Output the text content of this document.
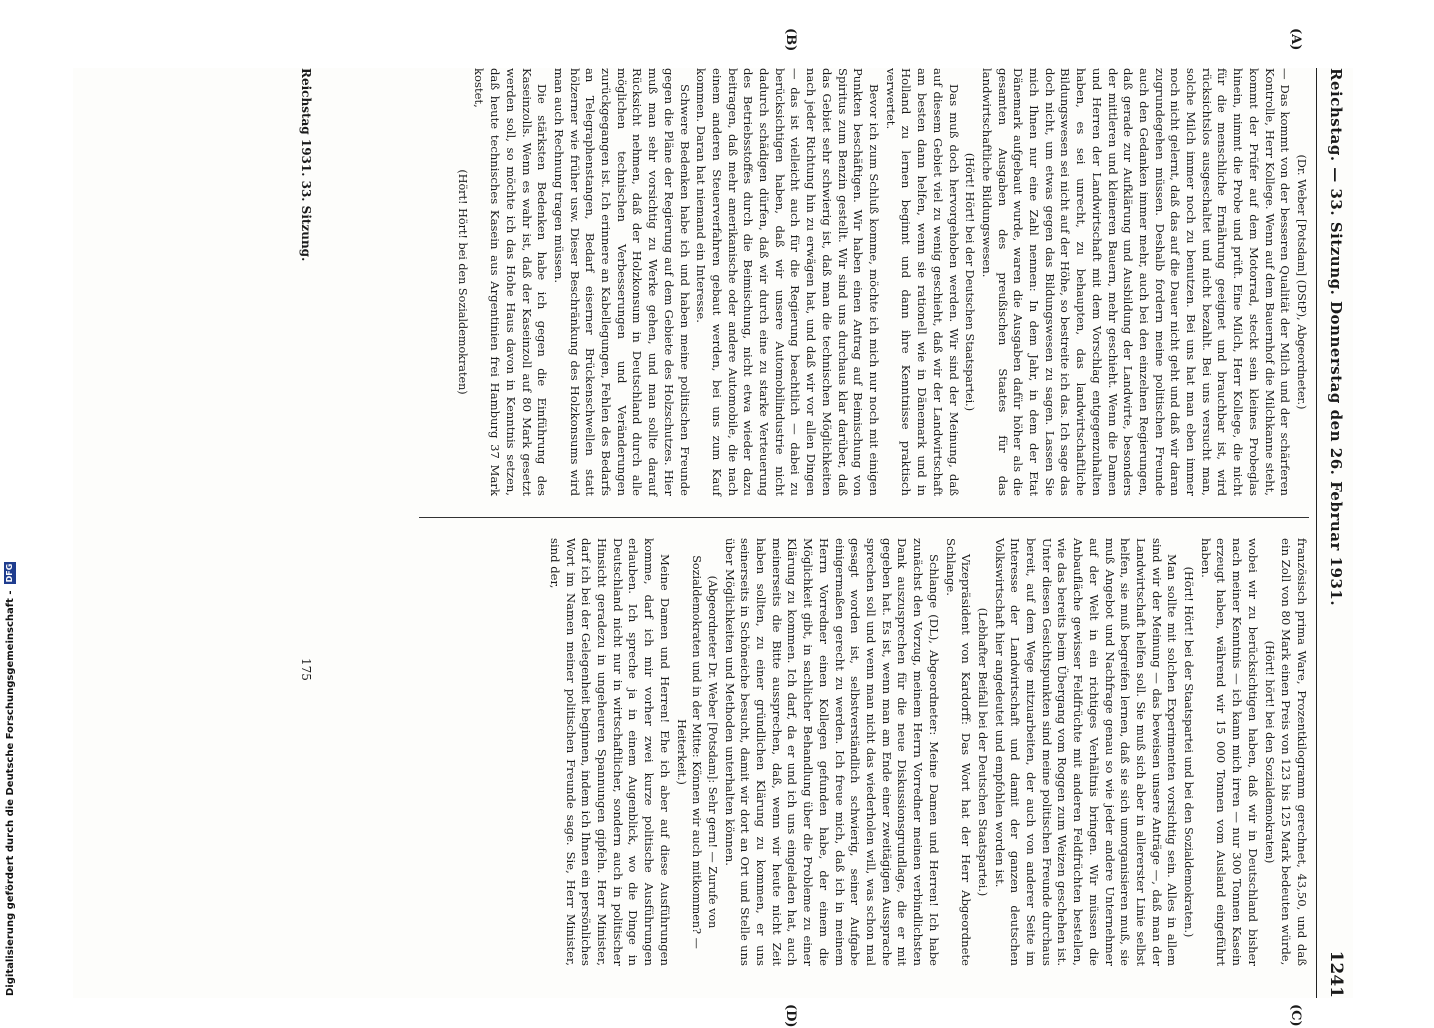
Reichstag. — 33. Sitzung. Donnerstag den 26. Februar 1931.
1241
(A)
(B)
(C)
(D)

(Dr. Weber [Potsdam] (DStP), Abgeordneter.)

— Das kommt von der besseren Qualität der Milch und der schärferen Kontrolle, Herr Kollege. Wenn auf dem Bauernhof die Milchkanne steht, kommt der Prüfer auf dem Motorrad, steckt sein kleines Probeglas hinein, nimmt die Probe und prüft. Eine Milch, Herr Kollege, die nicht für die menschliche Ernährung geeignet und brauchbar ist, wird rücksichtslos ausgeschaltet und nicht bezahlt. Bei uns versucht man, solche Milch immer noch zu benutzen. Bei uns hat man eben immer noch nicht gelernt, daß das auf die Dauer nicht geht und daß wir daran zugrundegehen müssen. Deshalb fordern meine politischen Freunde auch den Gedanken immer mehr, auch bei den einzelnen Regierungen, daß gerade zur Aufklärung und Ausbildung der Landwirte, besonders der mittleren und kleineren Bauern, mehr geschieht. Wenn die Damen und Herren der Landwirtschaft mit dem Vorschlag entgegenzuhalten haben, es sei unrecht, zu behaupten, das landwirtschaftliche Bildungswesen sei nicht auf der Höhe, so bestreite ich das. Ich sage das doch nicht, um etwas gegen das Bildungswesen zu sagen. Lassen Sie mich Ihnen nur eine Zahl nennen: In dem Jahr, in dem der Etat Dänemark aufgebaut wurde, waren die Ausgaben dafür höher als die gesamten Ausgaben des preußischen Staates für das landwirtschaftliche Bildungswesen.

(Hört! Hört! bei der Deutschen Staatspartei.)

Das muß doch hervorgehoben werden. Wir sind der Meinung, daß auf diesem Gebiet viel zu wenig geschieht, daß wir der Landwirtschaft am besten dann helfen, wenn sie rationell wie in Dänemark und in Holland zu lernen beginnt und dann ihre Kenntnisse praktisch verwertet.

Bevor ich zum Schluß komme, möchte ich mich nur noch mit einigen Punkten beschäftigen. Wir haben einen Antrag auf Beimischung von Spiritus zum Benzin gestellt. Wir sind uns durchaus klar darüber, daß das Gebiet sehr schwierig ist, daß man die technischen Möglichkeiten nach jeder Richtung hin zu erwägen hat, und daß wir vor allen Dingen — das ist vielleicht auch für die Regierung beachtlich — dabei zu berücksichtigen haben, daß wir unsere Automobilindustrie nicht dadurch schädigen dürfen, daß wir durch eine zu starke Verteuerung des Betriebsstoffes durch die Beimischung, nicht etwa wieder dazu beitragen, daß mehr amerikanische oder andere Automobile, die nach einem anderen Steuerverfahren gebaut werden, bei uns zum Kauf kommen. Daran hat niemand ein Interesse.

Schwere Bedenken habe ich und haben meine politischen Freunde gegen die Pläne der Regierung auf dem Gebiete des Holzschutzes. Hier muß man sehr vorsichtig zu Werke gehen, und man sollte darauf Rücksicht nehmen, daß der Holzkonsum in Deutschland durch alle möglichen technischen Verbesserungen und Veränderungen zurückgegangen ist. Ich erinnere an Kabellegungen, Fehlen des Bedarfs an Telegraphenstangen, Bedarf eiserner Brückenschwellen statt hölzerner wie früher usw. Dieser Beschränkung des Holzkonsums wird man auch Rechnung tragen müssen.

Die stärksten Bedenken habe ich gegen die Einführung des Kaseinzolls. Wenn es wahr ist, daß der Kaseinzoll auf 80 Mark gesetzt werden soll, so möchte ich das Hohe Haus davon in Kenntnis setzen, daß heute technisches Kasein aus Argentinien frei Hamburg 37 Mark kostet,

(Hört! Hört! bei den Sozialdemokraten)

französisch prima Ware, Prozentkilogramm gerechnet, 43,50, und daß ein Zoll von 80 Mark einen Preis von 123 bis 125 Mark bedeuten würde,

(Hört! hört! bei den Sozialdemokraten)

wobei wir zu berücksichtigen haben, daß wir in Deutschland bisher nach meiner Kenntnis — ich kann mich irren — nur 300 Tonnen Kasein erzeugt haben, während wir 15 000 Tonnen vom Ausland eingeführt haben.

(Hört! Hört! bei der Staatspartei und bei den Sozialdemokraten.)

Man sollte mit solchen Experimenten vorsichtig sein. Alles in allem sind wir der Meinung — das beweisen unsere Anträge —, daß man der Landwirtschaft helfen soll. Sie muß sich aber in allererster Linie selbst helfen, sie muß begreifen lernen, daß sie sich umorganisieren muß, sie muß Angebot und Nachfrage genau so wie jeder andere Unternehmer auf der Welt in ein richtiges Verhältnis bringen. Wir müssen die Anbaufläche gewisser Feldfrüchte mit anderen Feldfrüchten bestellen, wie das bereits beim Übergang vom Roggen zum Weizen geschehen ist. Unter diesen Gesichtspunkten sind meine politischen Freunde durchaus bereit, auf dem Wege mitzuarbeiten, der auch von anderer Seite im Interesse der Landwirtschaft und damit der ganzen deutschen Volkswirtschaft hier angedeutet und empfohlen worden ist.

(Lebhafter Beifall bei der Deutschen Staatspartei.)

Vizepräsident von Kardorff: Das Wort hat der Herr Abgeordnete Schlange.

Schlange (DL), Abgeordneter: Meine Damen und Herren! Ich habe zunächst den Vorzug, meinem Herrn Vorredner meinen verbindlichsten Dank auszusprechen für die neue Diskussionsgrundlage, die er mit gegeben hat. Es ist, wenn man am Ende einer zweitägigen Aussprache sprechen soll und wenn man nicht das wiederholen will, was schon mal gesagt worden ist, selbstverständlich schwierig, seiner Aufgabe einigermaßen gerecht zu werden. Ich freue mich, daß ich in meinem Herrn Vorredner einen Kollegen gefunden habe, der einem die Möglichkeit gibt, in sachlicher Behandlung über die Probleme zu einer Klärung zu kommen. Ich darf, da er und ich uns eingeladen hat, auch meinerseits die Bitte aussprechen, daß, wenn wir heute nicht Zeit haben sollten, zu einer gründlichen Klärung zu kommen, er uns seinerseits in Schöneiche besucht, damit wir dort an Ort und Stelle uns über Möglichkeiten und Methoden unterhalten können.

(Abgeordneter Dr. Weber [Potsdam]: Sehr gern! — Zurufe von Sozialdemokraten und in der Mitte: Können wir auch mitkommen? — Heiterkeit.)

Meine Damen und Herren! Ehe ich aber auf diese Ausführungen komme, darf ich mir vorher zwei kurze politische Ausführungen erlauben. Ich spreche ja in einem Augenblick, wo die Dinge in Deutschland nicht nur in wirtschaftlicher, sondern auch in politischer Hinsicht geradezu in ungeheuren Spannungen gipfeln. Herr Minister, darf ich bei der Gelegenheit beginnen, indem ich Ihnen ein persönliches Wort im Namen meiner politischen Freunde sage. Sie, Herr Minister, sind der,

Reichstag 1931. 33. Sitzung.
175
Digitalisierung gefördert durch die Deutsche Forschungsgemeinschaft - DFG
